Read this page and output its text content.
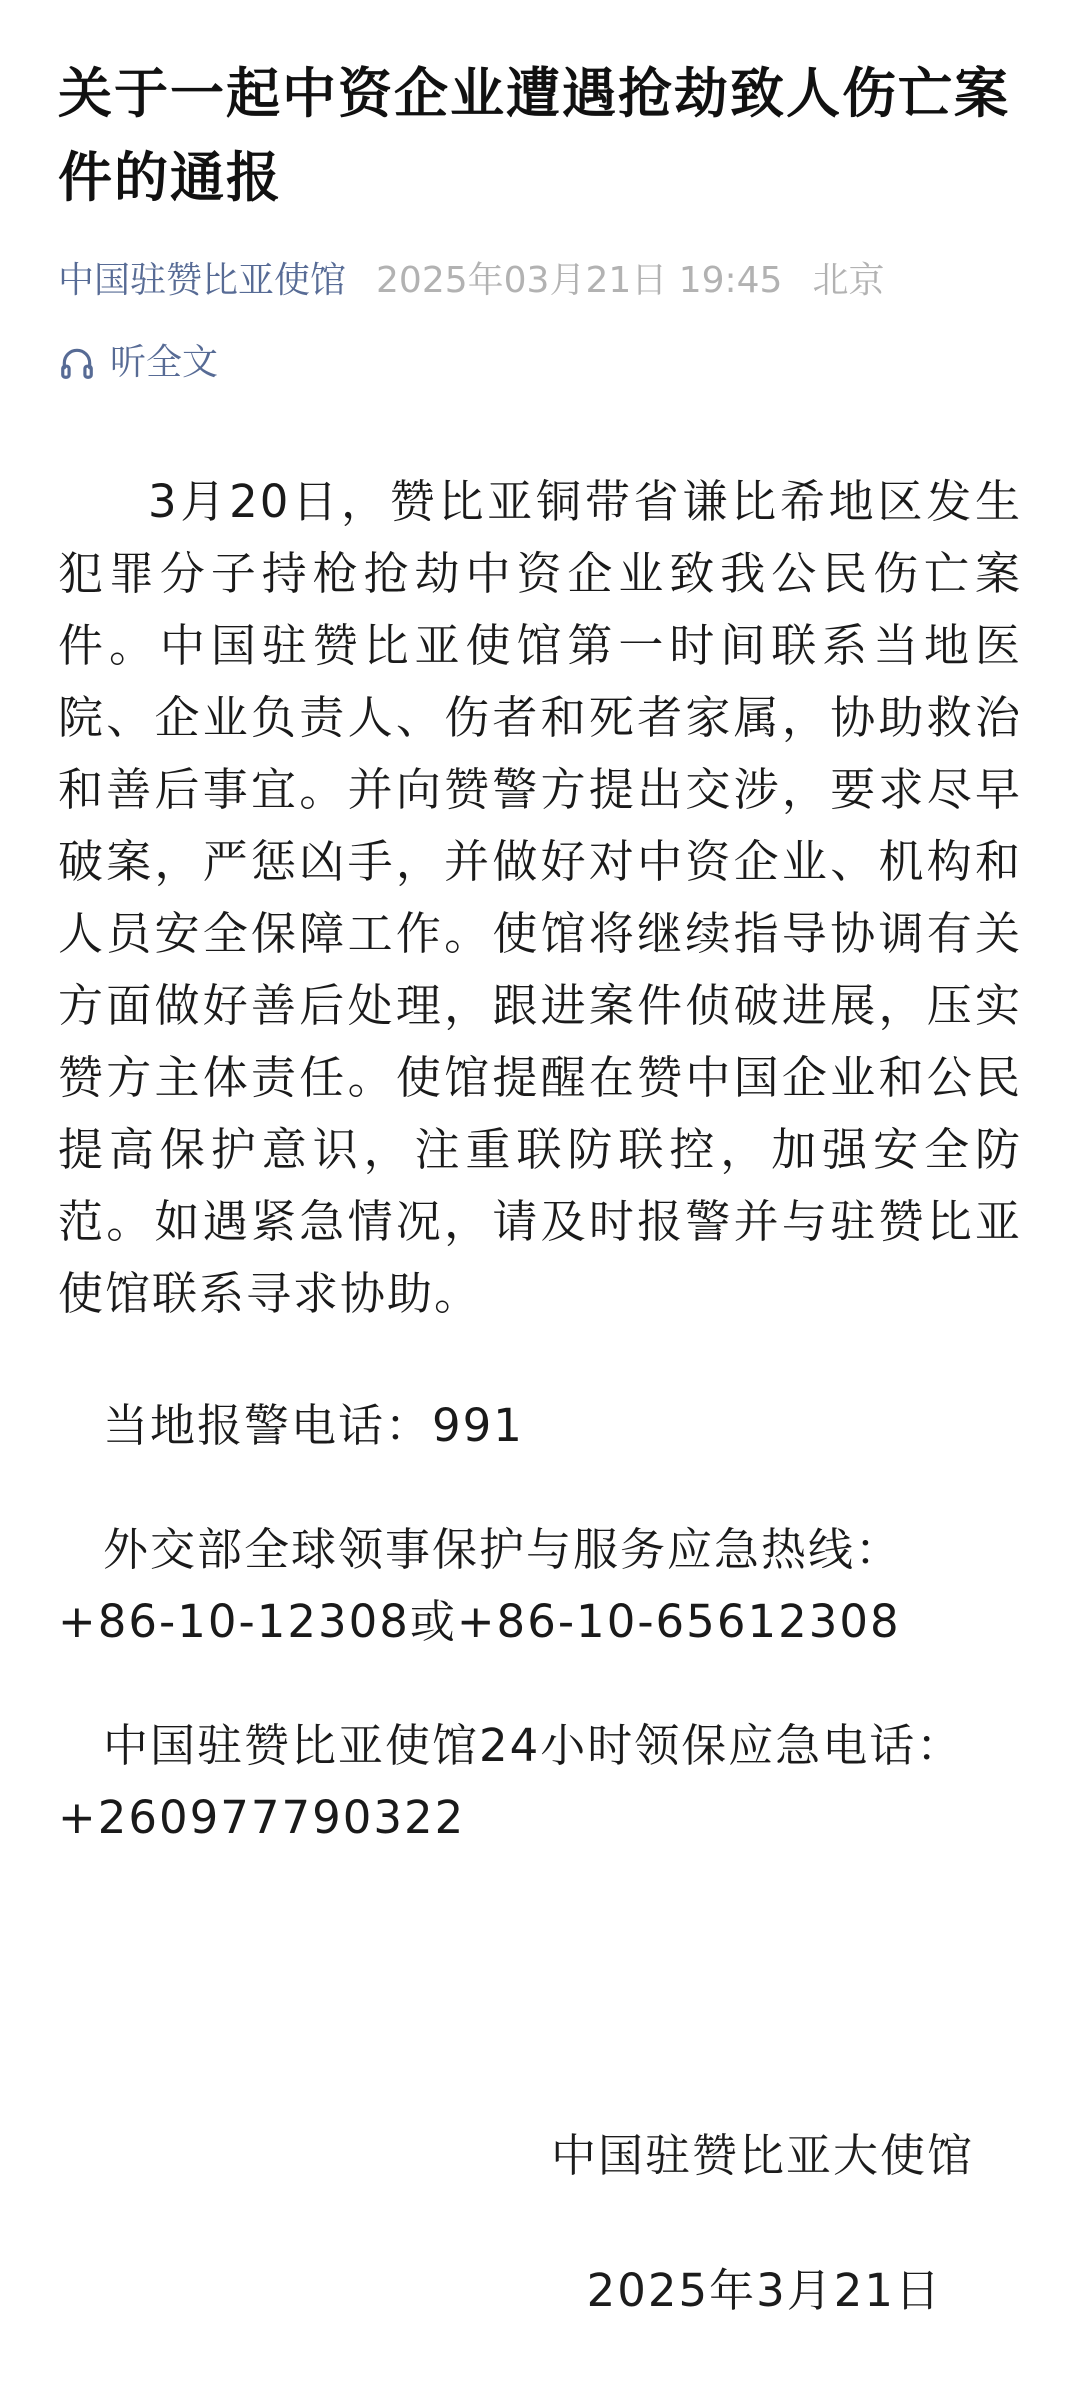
关于一起中资企业遭遇抢劫致人伤亡案件的通报
中国驻赞比亚使馆 2025年03月21日 19:45 北京
听全文

3月20日，赞比亚铜带省谦比希地区发生犯罪分子持枪抢劫中资企业致我公民伤亡案件。中国驻赞比亚使馆第一时间联系当地医院、企业负责人、伤者和死者家属，协助救治和善后事宜。并向赞警方提出交涉，要求尽早破案，严惩凶手，并做好对中资企业、机构和人员安全保障工作。使馆将继续指导协调有关方面做好善后处理，跟进案件侦破进展，压实赞方主体责任。使馆提醒在赞中国企业和公民提高保护意识，注重联防联控，加强安全防范。如遇紧急情况，请及时报警并与驻赞比亚使馆联系寻求协助。

当地报警电话：991
外交部全球领事保护与服务应急热线：
+86-10-12308或+86-10-65612308
中国驻赞比亚使馆24小时领保应急电话：
+260977790322
中国驻赞比亚大使馆
2025年3月21日
